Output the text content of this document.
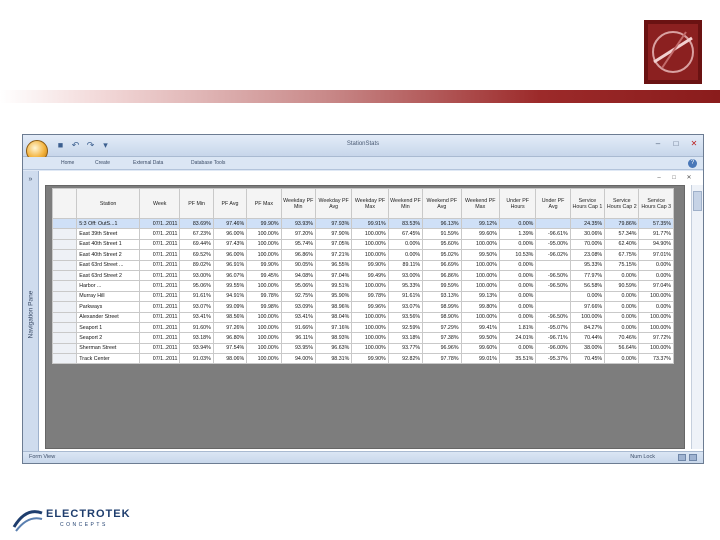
■ ↶ ↷ ▾	StationStats	–	□	✕
Home	Create	External Data	Database Tools	?
»
Navigation Pane
–	□	✕
	Station	Week	PF Min	PF Avg	PF Max	Weekday PF Min	Weekday PF Avg	Weekday PF Max	Weekend PF Min	Weekend PF Avg	Weekend PF Max	Under PF Hours	Under PF Avg	Service Hours Cap 1	Service Hours Cap 2	Service Hours Cap 3
	5:3 Off: OutS...1	07/1..2011	83.69%	97.46%	99.90%	93.93%	97.93%	99.91%	83.53%	96.13%	99.12%	0.00%		24.35%	79.86%	57.35%
	East 39th Street	07/1..2011	67.23%	96.00%	100.00%	97.20%	97.90%	100.00%	67.45%	91.59%	99.60%	1.39%	-96.61%	30.06%	57.34%	91.77%
	East 40th Street 1	07/1..2011	69.44%	97.43%	100.00%	95.74%	97.05%	100.00%	0.00%	95.60%	100.00%	0.00%	-95.00%	70.00%	62.40%	94.90%
	East 40th Street 2	07/1..2011	69.52%	96.00%	100.00%	96.86%	97.21%	100.00%	0.00%	95.02%	99.50%	10.53%	-96.02%	23.08%	67.75%	97.01%
	East 63rd Street ...	07/1..2011	89.02%	96.91%	99.90%	90.05%	96.55%	99.90%	89.11%	96.69%	100.00%	0.00%		95.33%	75.15%	0.00%
	East 63rd Street 2	07/1..2011	93.00%	96.07%	99.45%	94.08%	97.04%	99.49%	93.00%	96.86%	100.00%	0.00%	-96.50%	77.97%	0.00%	0.00%
	Harbor ...	07/1..2011	95.06%	99.55%	100.00%	95.06%	99.51%	100.00%	95.33%	99.59%	100.00%	0.00%	-96.50%	56.58%	90.59%	97.04%
	Murray Hill	07/1..2011	91.61%	94.91%	99.78%	92.75%	95.90%	99.78%	91.61%	93.13%	99.13%	0.00%		0.00%	0.00%	100.00%
	Parkways	07/1..2011	93.07%	99.09%	99.98%	93.09%	98.96%	99.96%	93.07%	98.99%	99.80%	0.00%		97.66%	0.00%	0.00%
	Alexander Street	07/1..2011	93.41%	98.56%	100.00%	93.41%	98.04%	100.00%	93.56%	98.90%	100.00%	0.00%	-96.50%	100.00%	0.00%	100.00%
	Seaport 1	07/1..2011	91.60%	97.26%	100.00%	91.66%	97.16%	100.00%	92.59%	97.29%	99.41%	1.81%	-95.07%	84.27%	0.00%	100.00%
	Seaport 2	07/1..2011	93.18%	96.80%	100.00%	96.11%	98.93%	100.00%	93.18%	97.38%	99.50%	24.01%	-96.71%	70.44%	70.46%	97.72%
	Sherman Street	07/1..2011	93.94%	97.54%	100.00%	93.95%	96.63%	100.00%	93.77%	96.96%	99.60%	0.00%	-96.00%	38.00%	56.64%	100.00%
	Track Center	07/1..2011	91.03%	98.06%	100.00%	94.00%	98.31%	99.90%	92.82%	97.78%	99.01%	35.51%	-95.37%	70.45%	0.00%	73.37%
Form View	Num Lock
ELECTROTEK
CONCEPTS
